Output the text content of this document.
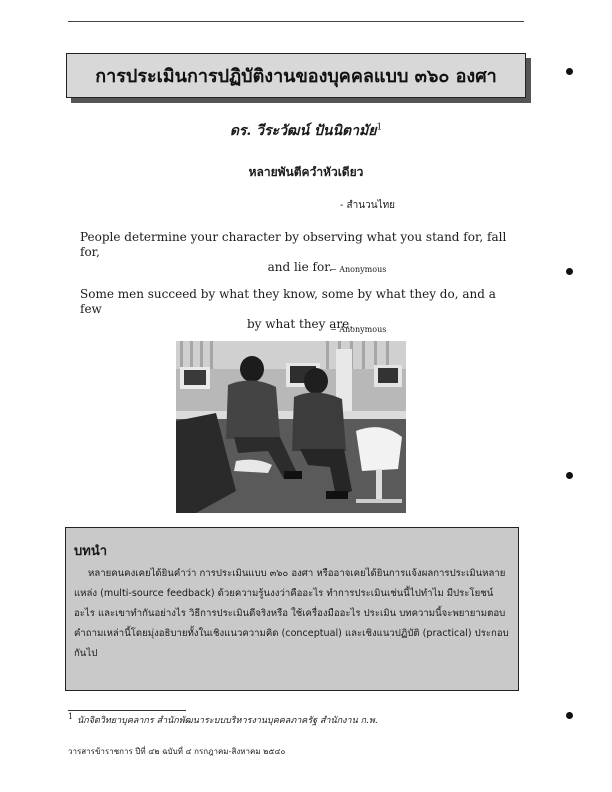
การประเมินการปฏิบัติงานของบุคคลแบบ ๓๖๐ องศา
ดร. วีระวัฒน์ ปันนิตามัย$^1$
หลายพันตีควำหัวเดียว
- สำนวนไทย
People determine your character by observing what you stand for, fall for,
and lie for.
− Anonymous
Some men succeed by what they know, some by what they do, and a few
by what they are.
− Anonymous
บทนำ
หลายคนคงเคยได้ยินคำว่า การประเมินแบบ ๓๖๐ องศา หรืออาจเคยได้ยินการแจ้งผลการประเมินหลายแหล่ง (multi-source feedback) ด้วยความรู้นงงว่าคืออะไร ทำการประเมินเช่นนี้ไปทำไม มีประโยชน์อะไร และเขาทำกันอย่างไร วิธีการประเมินดีจริงหรือ ใช้เครื่องมืออะไร ประเมิน บทความนี้จะพยายามตอบคำถามเหล่านี้โดยมุ่งอธิบายทั้งในเชิงแนวความคิด (conceptual) และเชิงแนวปฏิบัติ (practical) ประกอบกันไป
$^1$ นักจิตวิทยาบุคลากร สำนักพัฒนาระบบบริหารงานบุคคลภาครัฐ สำนักงาน ก.พ.
วารสารข้าราชการ ปีที่ ๔๒ ฉบับที่ ๔ กรกฎาคม-สิงหาคม ๒๕๔๐
